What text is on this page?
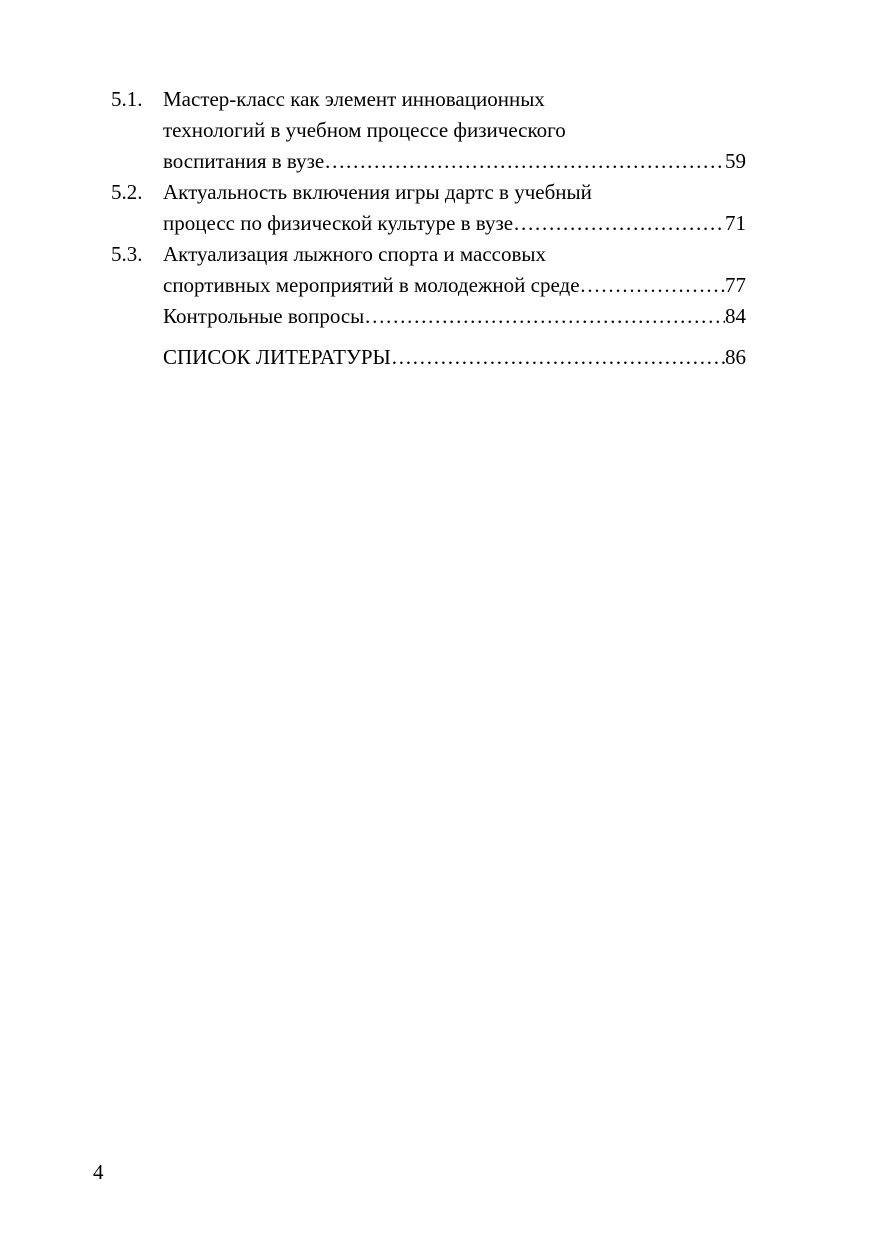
5.1. Мастер-класс как элемент инновационных
технологий в учебном процессе физического
воспитания в вузе ……………………………………………………………………………………………………………………………	59
5.2. Актуальность включения игры дартс в учебный
процесс по физической культуре в вузе ……………………………………………………………………………………………………………………………	71
5.3. Актуализация лыжного спорта и массовых
спортивных мероприятий в молодежной среде ……………………………………………………………………………………………………………………………	77
Контрольные вопросы ……………………………………………………………………………………………………………………………	84
СПИСОК ЛИТЕРАТУРЫ ……………………………………………………………………………………………………………………………	86
4
